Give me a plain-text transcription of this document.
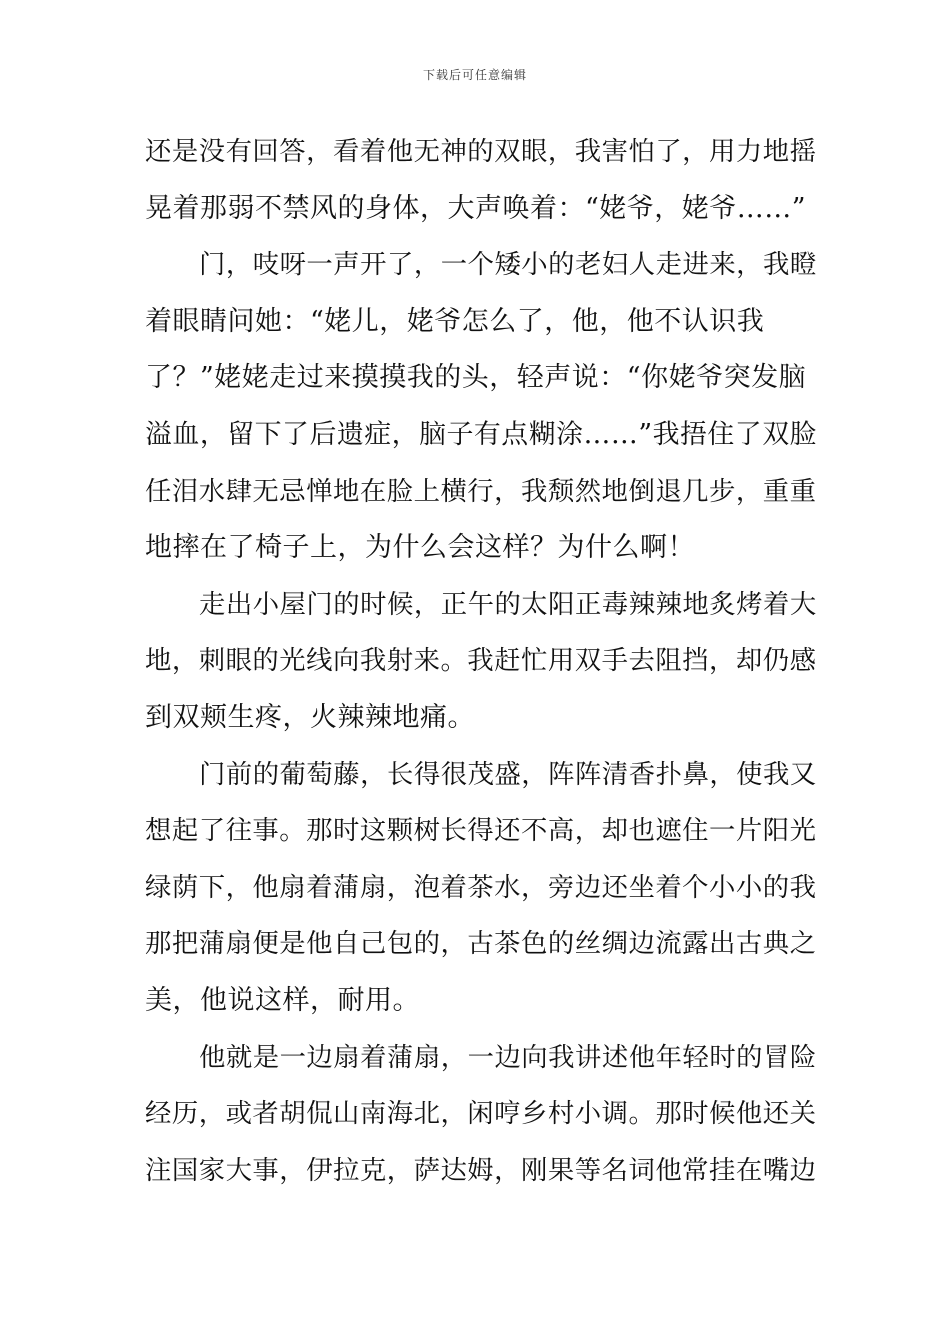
下载后可任意编辑
还是没有回答，看着他无神的双眼，我害怕了，用力地摇
晃着那弱不禁风的身体，大声唤着：“姥爷，姥爷……”
门，吱呀一声开了，一个矮小的老妇人走进来，我瞪
着眼睛问她：“姥儿，姥爷怎么了，他，他不认识我
了？”姥姥走过来摸摸我的头，轻声说：“你姥爷突发脑
溢血，留下了后遗症，脑子有点糊涂……”我捂住了双脸
任泪水肆无忌惮地在脸上横行，我颓然地倒退几步，重重
地摔在了椅子上，为什么会这样？为什么啊！
走出小屋门的时候，正午的太阳正毒辣辣地炙烤着大
地，刺眼的光线向我射来。我赶忙用双手去阻挡，却仍感
到双颊生疼，火辣辣地痛。
门前的葡萄藤，长得很茂盛，阵阵清香扑鼻，使我又
想起了往事。那时这颗树长得还不高，却也遮住一片阳光
绿荫下，他扇着蒲扇，泡着茶水，旁边还坐着个小小的我
那把蒲扇便是他自己包的，古茶色的丝绸边流露出古典之
美，他说这样，耐用。
他就是一边扇着蒲扇，一边向我讲述他年轻时的冒险
经历，或者胡侃山南海北，闲哼乡村小调。那时候他还关
注国家大事，伊拉克，萨达姆，刚果等名词他常挂在嘴边
